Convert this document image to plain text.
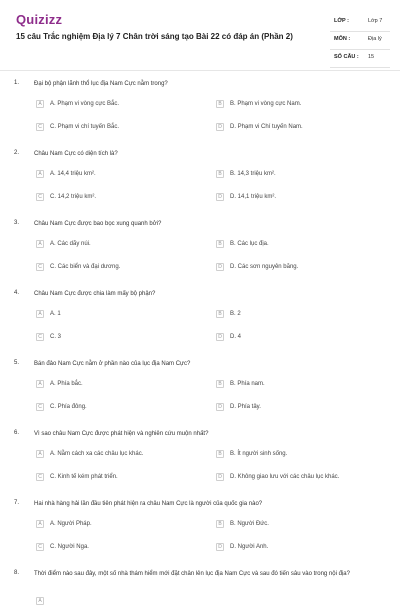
Quizizz
15 câu Trắc nghiệm Địa lý 7 Chân trời sáng tạo Bài 22 có đáp án (Phần 2)
LỚP :	Lớp 7
MÔN :	Địa lý
SỐ CÂU : 15
1. Đại bộ phận lãnh thổ lục địa Nam Cực nằm trong?
A	A. Phạm vi vòng cực Bắc.	B	B. Phạm vi vòng cực Nam.
C	C. Phạm vi chí tuyến Bắc.	D	D. Phạm vi Chí tuyến Nam.
2. Châu Nam Cực có diện tích là?
A	A. 14,4 triệu km².	B	B. 14,3 triệu km².
C	C. 14,2 triệu km².	D	D. 14,1 triệu km².
3. Châu Nam Cực được bao bọc xung quanh bởi?
A	A. Các dãy núi.	B	B. Các lục địa.
C	C. Các biển và đại dương.	D	D. Các sơn nguyên băng.
4. Châu Nam Cực được chia làm mấy bộ phận?
A	A. 1	B	B. 2
C	C. 3	D	D. 4
5. Bán đảo Nam Cực nằm ở phần nào của lục địa Nam Cực?
A	A. Phía bắc.	B	B. Phía nam.
C	C. Phía đông.	D	D. Phía tây.
6. Vì sao châu Nam Cực được phát hiện và nghiên cứu muộn nhất?
A	A. Nằm cách xa các châu lục khác.	B	B. Ít người sinh sống.
C	C. Kinh tế kém phát triển.	D	D. Không giao lưu với các châu lục khác.
7. Hai nhà hàng hải lần đầu tiên phát hiện ra châu Nam Cực là người của quốc gia nào?
A	A. Người Pháp.	B	B. Người Đức.
C	C. Người Nga.	D	D. Người Anh.
8. Thời điểm nào sau đây, một số nhà thám hiểm mới đặt chân lên lục địa Nam Cực và sau đó tiến sâu vào trong nội địa?
A
